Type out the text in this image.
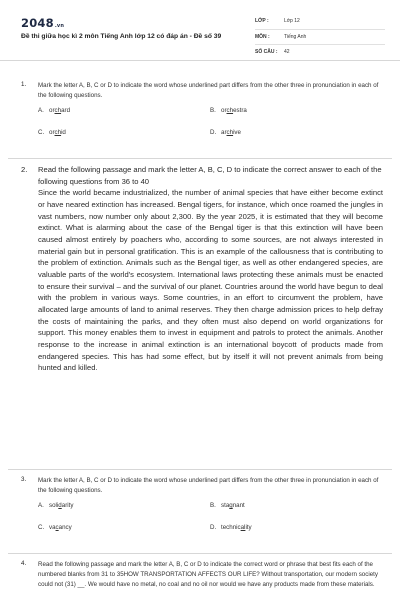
2048.vn
Đề thi giữa học kì 2 môn Tiếng Anh lớp 12 có đáp án - Đề số 39
LỚP :	Lớp 12
MÔN :	Tiếng Anh
SỐ CÂU :	42
1.	Mark the letter A, B, C or D to indicate the word whose underlined part differs from the other three in pronunciation in each of the following questions.
A. orchard	B. orchestra
C. orchid	D. archive
2.	Read the following passage and mark the letter A, B, C, D to indicate the correct answer to each of the following questions from 36 to 40

Since the world became industrialized, the number of animal species that have either become extinct or have neared extinction has increased. Bengal tigers, for instance, which once roamed the jungles in vast numbers, now number only about 2,300. By the year 2025, it is estimated that they will become extinct. What is alarming about the case of the Bengal tiger is that this extinction will have been caused almost entirely by poachers who, according to some sources, are not always interested in material gain but in personal gratification. This is an example of the callousness that is contributing to the problem of extinction. Animals such as the Bengal tiger, as well as other endangered species, are valuable parts of the world's ecosystem. International laws protecting these animals must be enacted to ensure their survival – and the survival of our planet. Countries around the world have begun to deal with the problem in various ways. Some countries, in an effort to circumvent the problem, have allocated large amounts of land to animal reserves. They then charge admission prices to help defray the costs of maintaining the parks, and they often must also depend on world organizations for support. This money enables them to invest in equipment and patrols to protect the animals. Another response to the increase in animal extinction is an international boycott of products made from endangered species. This has had some effect, but by itself it will not prevent animals from being hunted and killed.

3.	Mark the letter A, B, C or D to indicate the word whose underlined part differs from the other three in pronunciation in each of the following questions.
A. solidarity	B. stagnant
C. vacancy	D. technicality
4.	Read the following passage and mark the letter A, B, C or D to indicate the correct word or phrase that best fits each of the numbered blanks from 31 to 35HOW TRANSPORTATION AFFECTS OUR LIFE? Without transportation, our modern society could not (31) __. We would have no metal, no coal and no oil nor would we have any products made from these materials.
